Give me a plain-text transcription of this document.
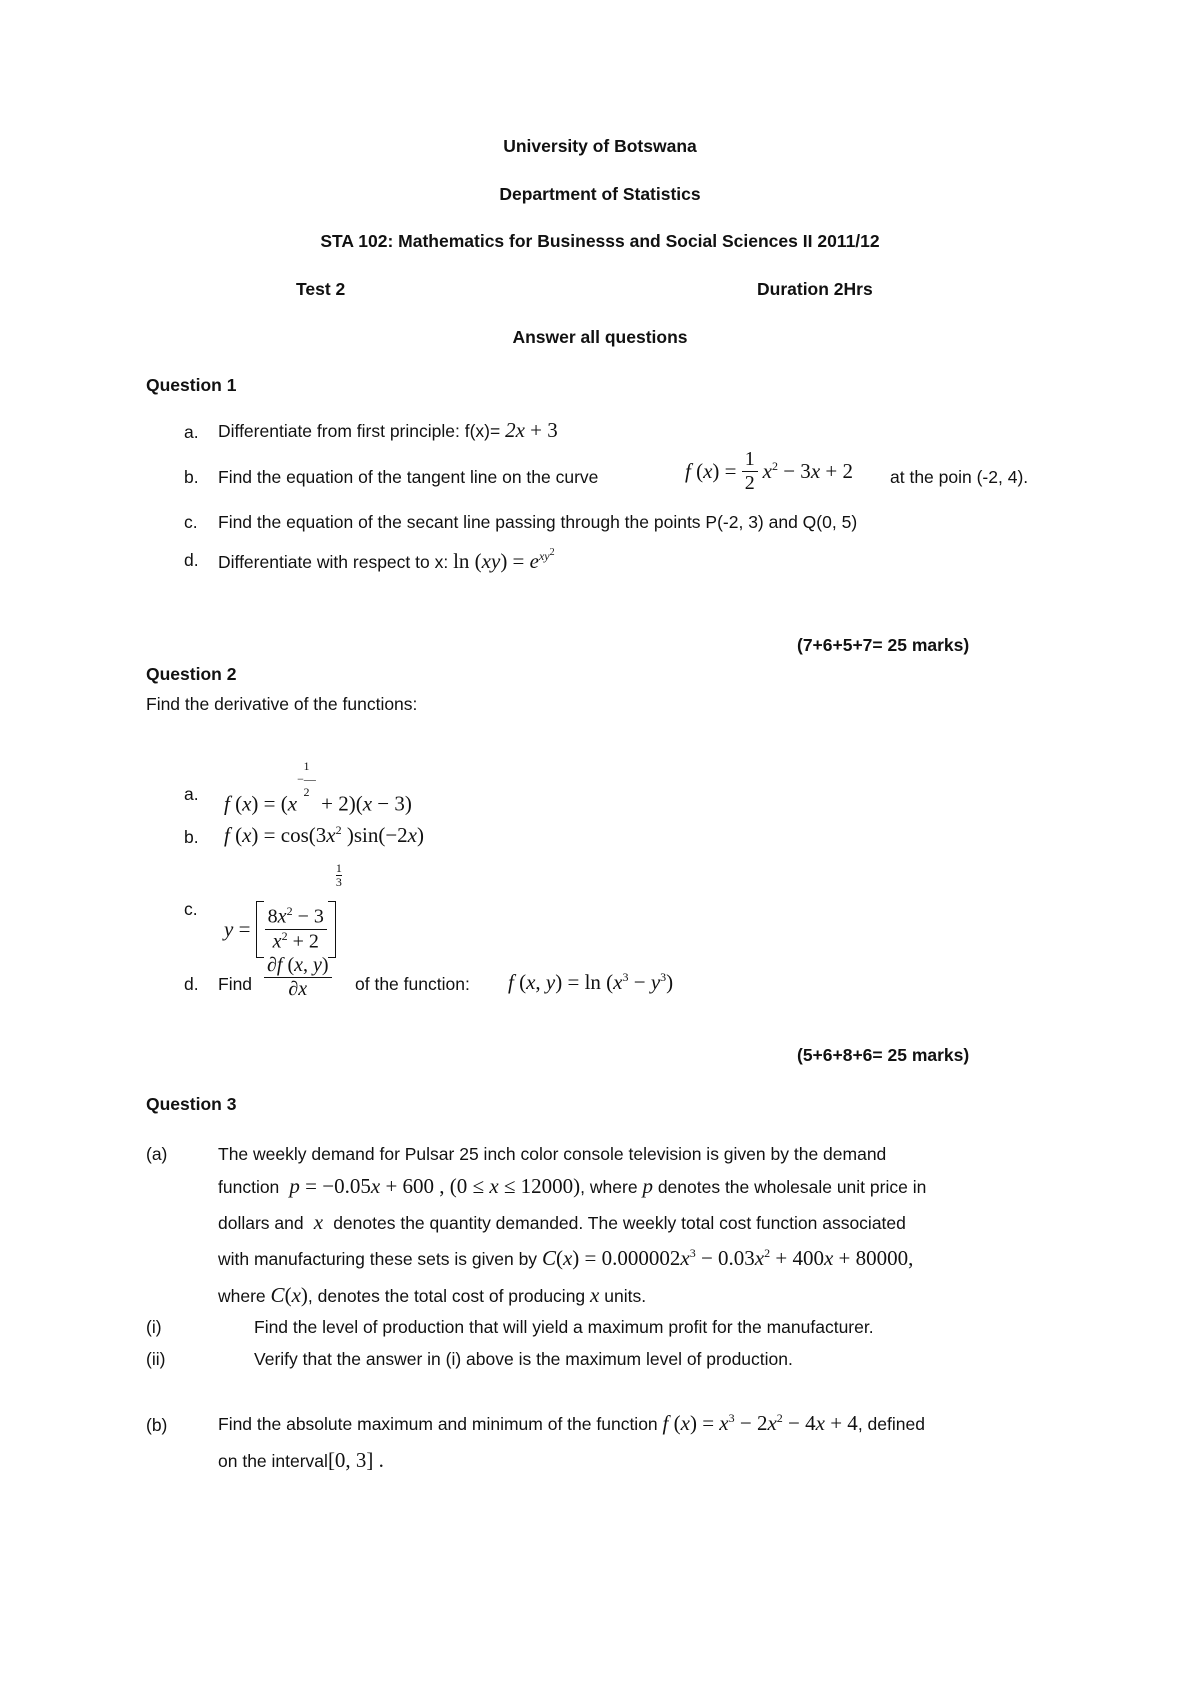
University of Botswana
Department of Statistics
STA 102: Mathematics for Businesss and Social Sciences II 2011/12
Test 2	Duration 2Hrs
Answer all questions
Question 1
a. Differentiate from first principle: f(x)= 2x + 3
b. Find the equation of the tangent line on the curve	f $(x) = \frac{1}{2} x^2 - 3x + 2$ at the poin (-2, 4).
c. Find the equation of the secant line passing through the points P(-2, 3) and Q(0, 5)
d. Differentiate with respect to x: $\ln (xy) = e^{xy^2}$
(7+6+5+7= 25 marks)
Question 2
Find the derivative of the functions:
a. f (x) = (x
1
−—
2 + 2)(x − 3)
b. f $(x) = \cos(3x^2$ )sin(−2x)
c.
$y = \frac{8x^2 - 3}{x^2 + 2}$
$\frac{1}{3}$
d. Find $\frac{\partial f (x, y)}{\partial x}$ of the function: f (x, $y) = \ln (x^3 - y^3)$
(5+6+8+6= 25 marks)
Question 3
(a)	The weekly demand for Pulsar 25 inch color console television is given by the demand
function p = −0.05x + 600 , (0 ≤ x ≤ 12000), where p denotes the wholesale unit price in
dollars and  x  denotes the quantity demanded. The weekly total cost function associated
with manufacturing these sets is given by $C(x) = 0.000002x^3 - 0.03x^2 + 400x + 80000$,
where C(x), denotes the total cost of producing x units.
(i)	Find the level of production that will yield a maximum profit for the manufacturer.
(ii)	Verify that the answer in (i) above is the maximum level of production.
(b)	Find the absolute maximum and minimum of the function f $(x) = x^3 - 2x^2 - 4x + 4$, defined
on the interval[0, 3] .
